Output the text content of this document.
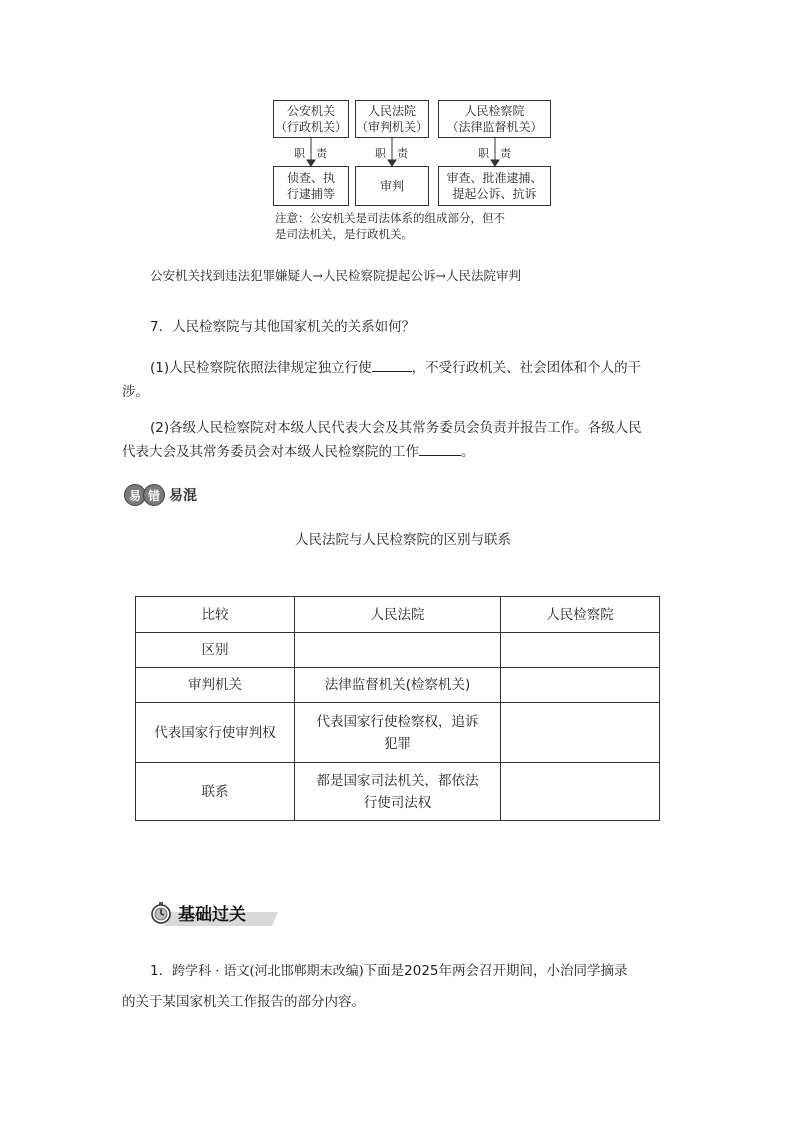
公安机关
（行政机关）
人民法院
（审判机关）
人民检察院
（法律监督机关）
职　责	职　责	职　责
侦查、执
行逮捕等
审判
审查、批准逮捕、
提起公诉、抗诉
注意：公安机关是司法体系的组成部分，但不
是司法机关，是行政机关。
公安机关找到违法犯罪嫌疑人→人民检察院提起公诉→人民法院审判
7．人民检察院与其他国家机关的关系如何？
(1)人民检察院依照法律规定独立行使	，不受行政机关、社会团体和个人的干
涉。
(2)各级人民检察院对本级人民代表大会及其常务委员会负责并报告工作。各级人民
代表大会及其常务委员会对本级人民检察院的工作	。
易 错 易混
人民法院与人民检察院的区别与联系
比较	人民法院	人民检察院
区别		
审判机关	法律监督机关(检察机关)	
代表国家行使审判权	代表国家行使检察权，追诉犯罪	
联系	都是国家司法机关，都依法行使司法权	
基础过关
1．跨学科 · 语文(河北邯郸期末改编)下面是2025年两会召开期间，小治同学摘录
的关于某国家机关工作报告的部分内容。
